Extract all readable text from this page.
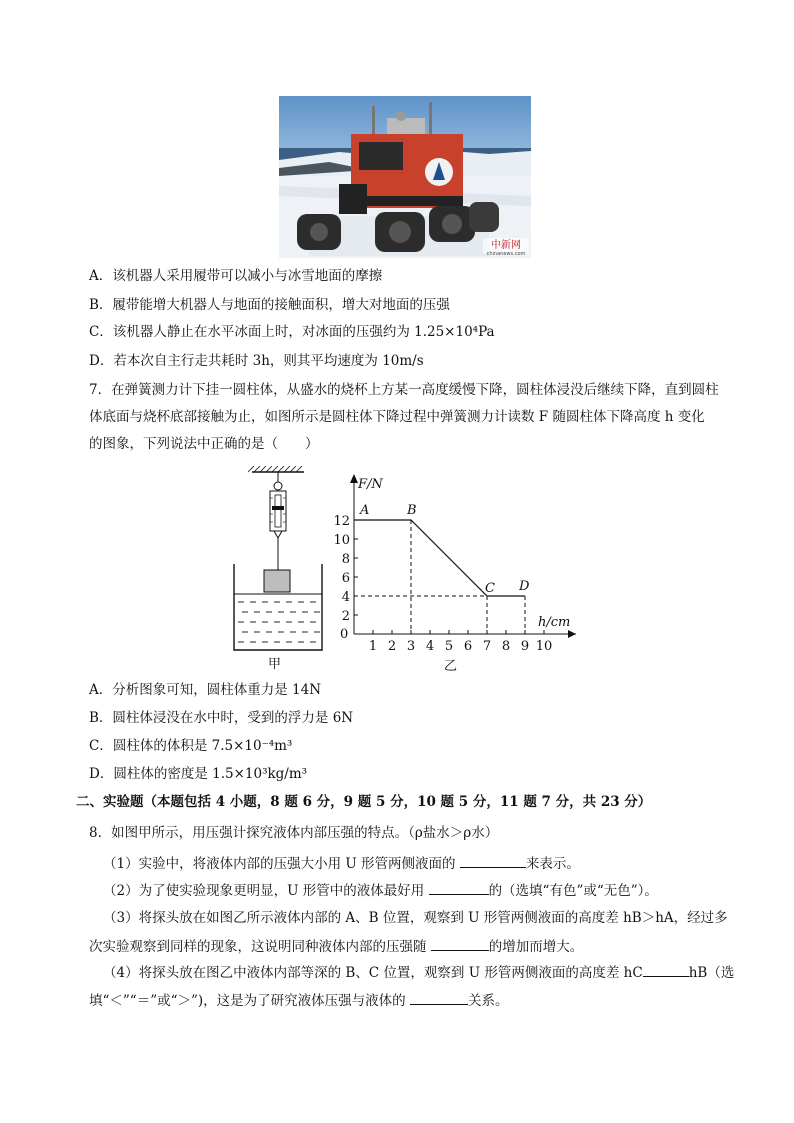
中新网
chinanews.com
A．该机器人采用履带可以减小与冰雪地面的摩擦
B．履带能增大机器人与地面的接触面积，增大对地面的压强
C．该机器人静止在水平冰面上时，对冰面的压强约为 1.25×10⁴Pa
D．若本次自主行走共耗时 3h，则其平均速度为 10m/s
7．在弹簧测力计下挂一圆柱体，从盛水的烧杯上方某一高度缓慢下降，圆柱体浸没后继续下降，直到圆柱
体底面与烧杯底部接触为止，如图所示是圆柱体下降过程中弹簧测力计读数 F 随圆柱体下降高度 h 变化
的图象，下列说法中正确的是（　　）
甲
F/N
h/cm
0
乙
1 2 3 4 5 6 7 8 9 10
2
4
6
8
10
12
A	B
C D
A．分析图象可知，圆柱体重力是 14N
B．圆柱体浸没在水中时，受到的浮力是 6N
C．圆柱体的体积是 7.5×10⁻⁴m³
D．圆柱体的密度是 1.5×10³kg/m³
二、实验题（本题包括 4 小题，8 题 6 分，9 题 5 分，10 题 5 分，11 题 7 分，共 23 分）
8．如图甲所示，用压强计探究液体内部压强的特点。（ρ盐水＞ρ水）
（1）实验中，将液体内部的压强大小用 U 形管两侧液面的	来表示。
（2）为了使实验现象更明显，U 形管中的液体最好用	的（选填“有色”或“无色”）。
（3）将探头放在如图乙所示液体内部的 A、B 位置，观察到 U 形管两侧液面的高度差 hB＞hA，经过多
次实验观察到同样的现象，这说明同种液体内部的压强随	的增加而增大。
（4）将探头放在图乙中液体内部等深的 B、C 位置，观察到 U 形管两侧液面的高度差 hC	hB（选
填“＜”“＝”或“＞”)，这是为了研究液体压强与液体的	关系。
